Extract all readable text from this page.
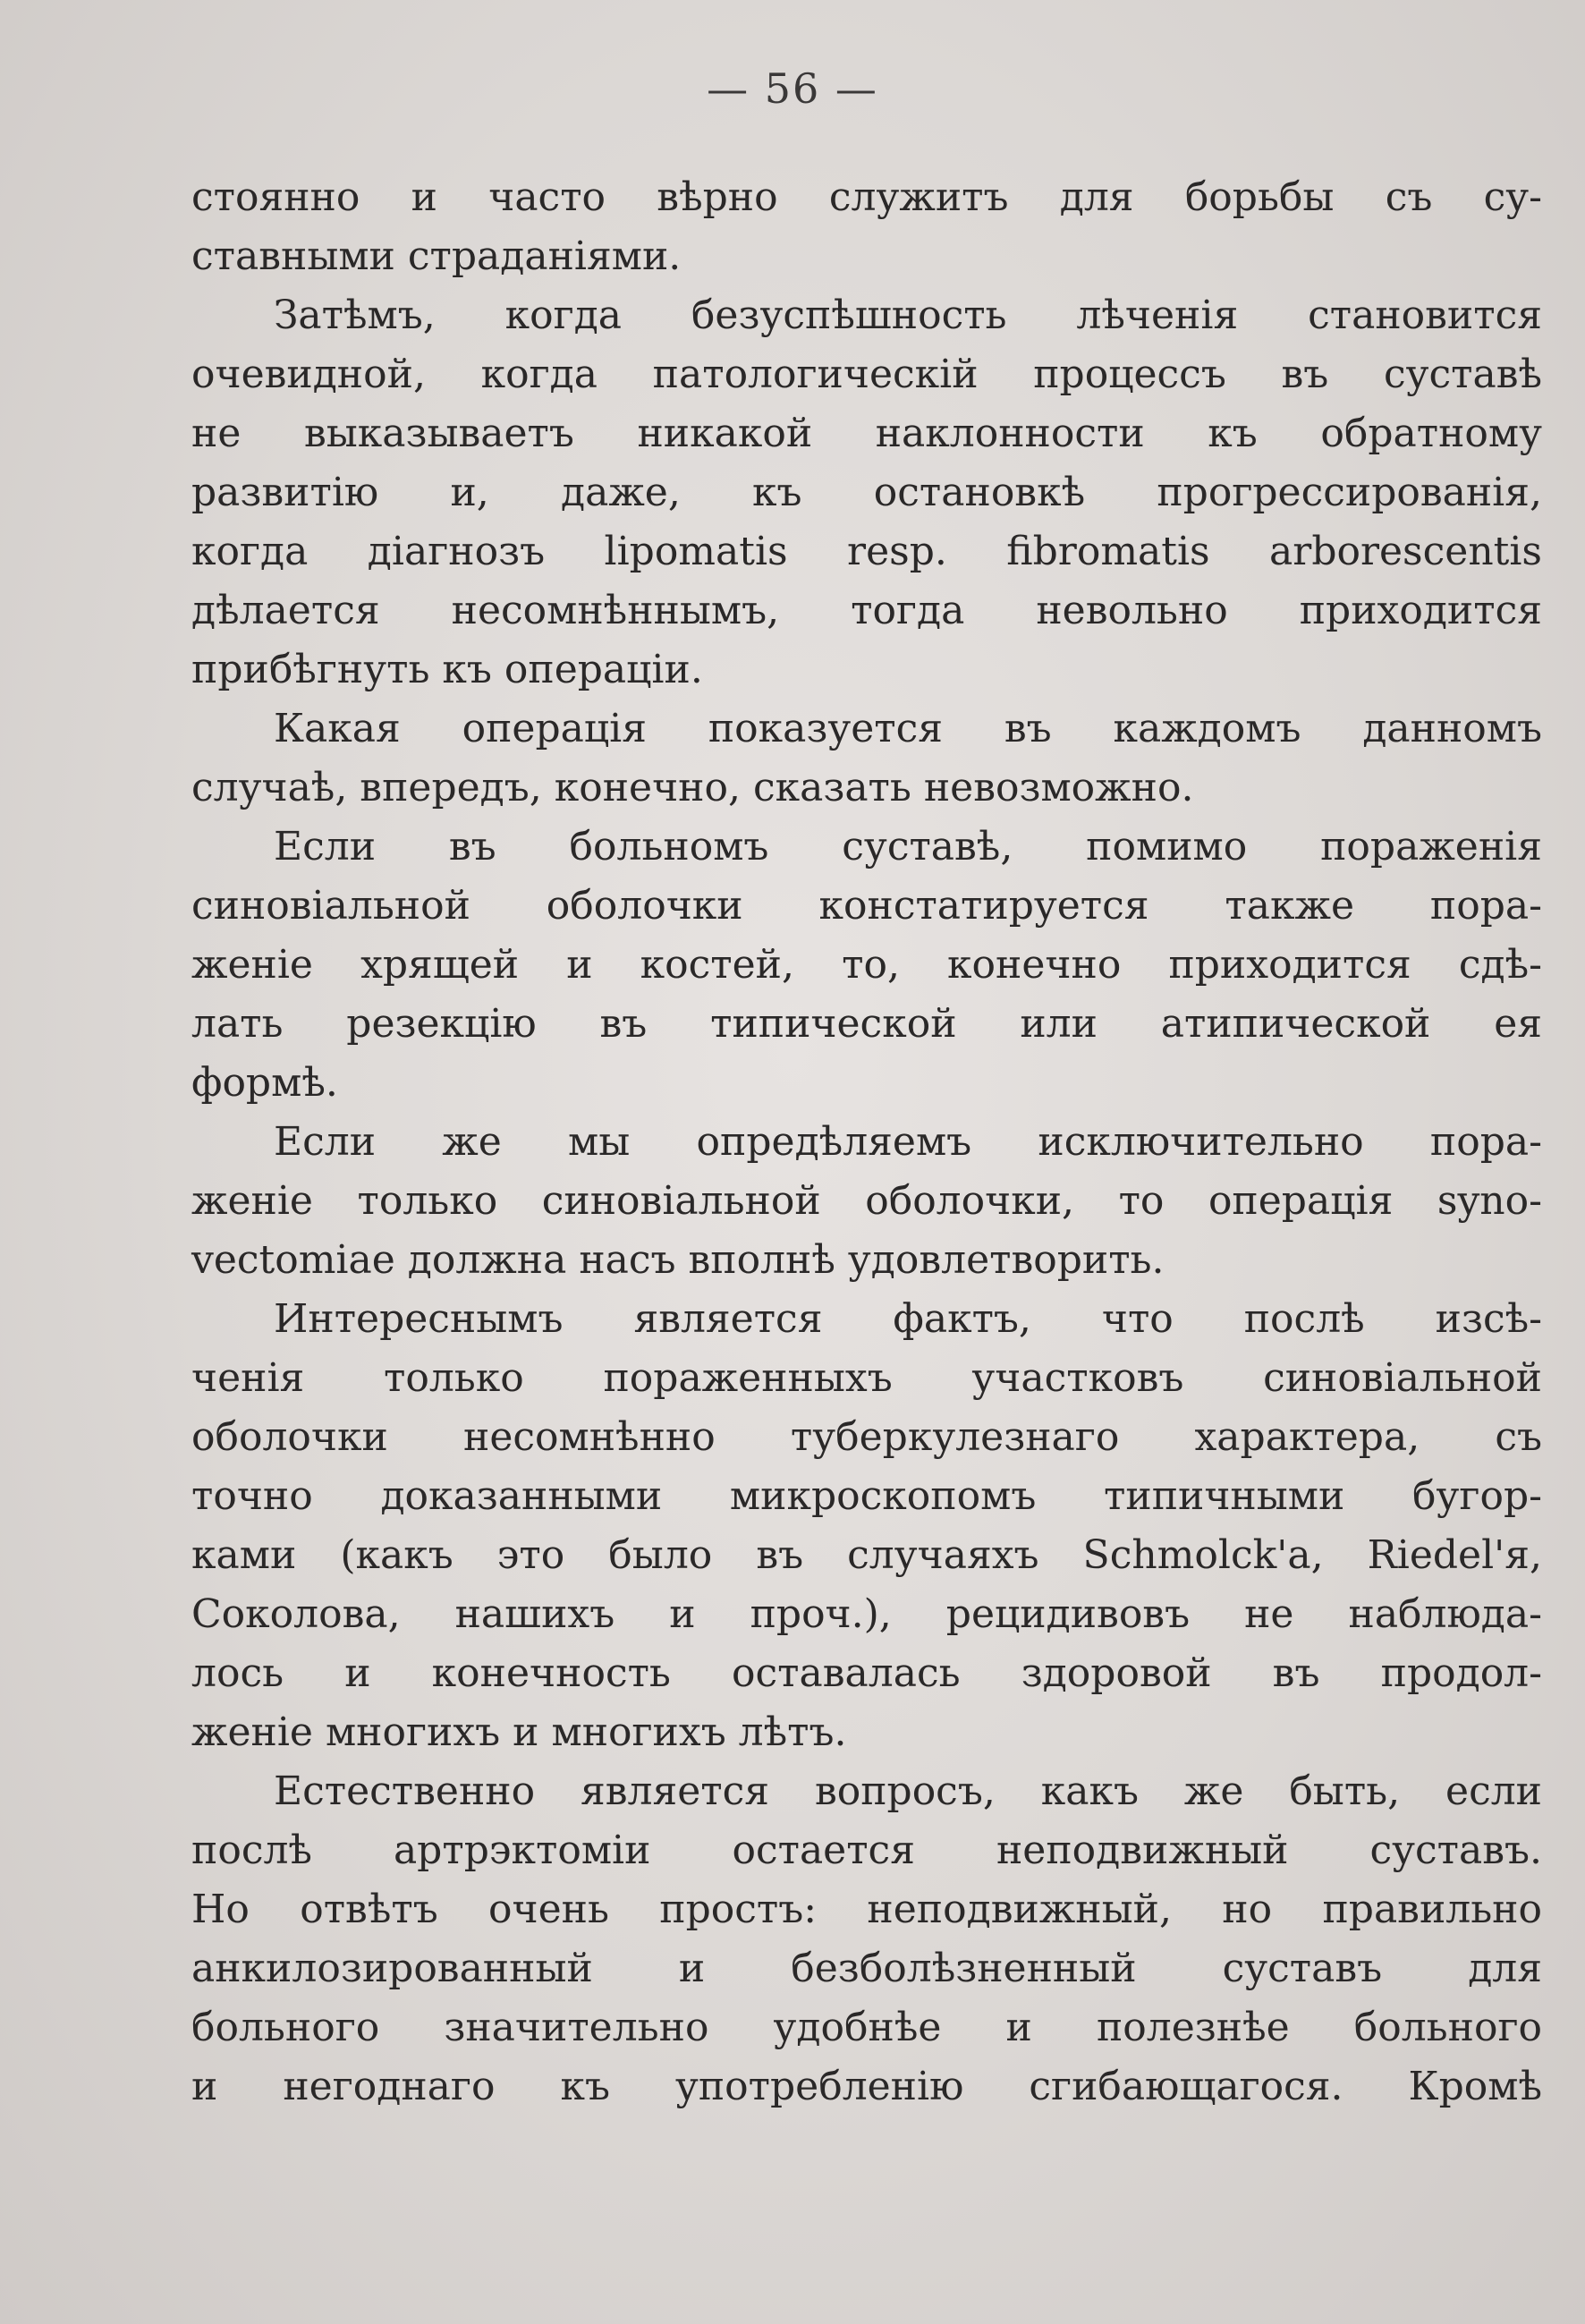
— 56 —
стоянно и часто вѣрно служитъ для борьбы съ су-
ставными страданіями.
Затѣмъ, когда безуспѣшность лѣченія становится
очевидной, когда патологическій процессъ въ суставѣ
не выказываетъ никакой наклонности къ обратному
развитію и, даже, къ остановкѣ прогрессированія,
когда діагнозъ lipomatis resp. fibromatis arborescentis
дѣлается несомнѣннымъ, тогда невольно приходится
прибѣгнуть къ операціи.
Какая операція показуется въ каждомъ данномъ
случаѣ, впередъ, конечно, сказать невозможно.
Если въ больномъ суставѣ, помимо пораженія
синовіальной оболочки констатируется также пора-
женіе хрящей и костей, то, конечно приходится сдѣ-
лать резекцію въ типической или атипической ея
формѣ.
Если же мы опредѣляемъ исключительно пора-
женіе только синовіальной оболочки, то операція syno-
vectomiae должна насъ вполнѣ удовлетворить.
Интереснымъ является фактъ, что послѣ изсѣ-
ченія только пораженныхъ участковъ синовіальной
оболочки несомнѣнно туберкулезнаго характера, съ
точно доказанными микроскопомъ типичными бугор-
ками (какъ это было въ случаяхъ Schmolck'a, Riedel'я,
Соколова, нашихъ и проч.), рецидивовъ не наблюда-
лось и конечность оставалась здоровой въ продол-
женіе многихъ и многихъ лѣтъ.
Естественно является вопросъ, какъ же быть, если
послѣ артрэктоміи остается неподвижный суставъ.
Но отвѣтъ очень простъ: неподвижный, но правильно
анкилозированный и безболѣзненный суставъ для
больного значительно удобнѣе и полезнѣе больного
и негоднаго къ употребленію сгибающагося. Кромѣ
